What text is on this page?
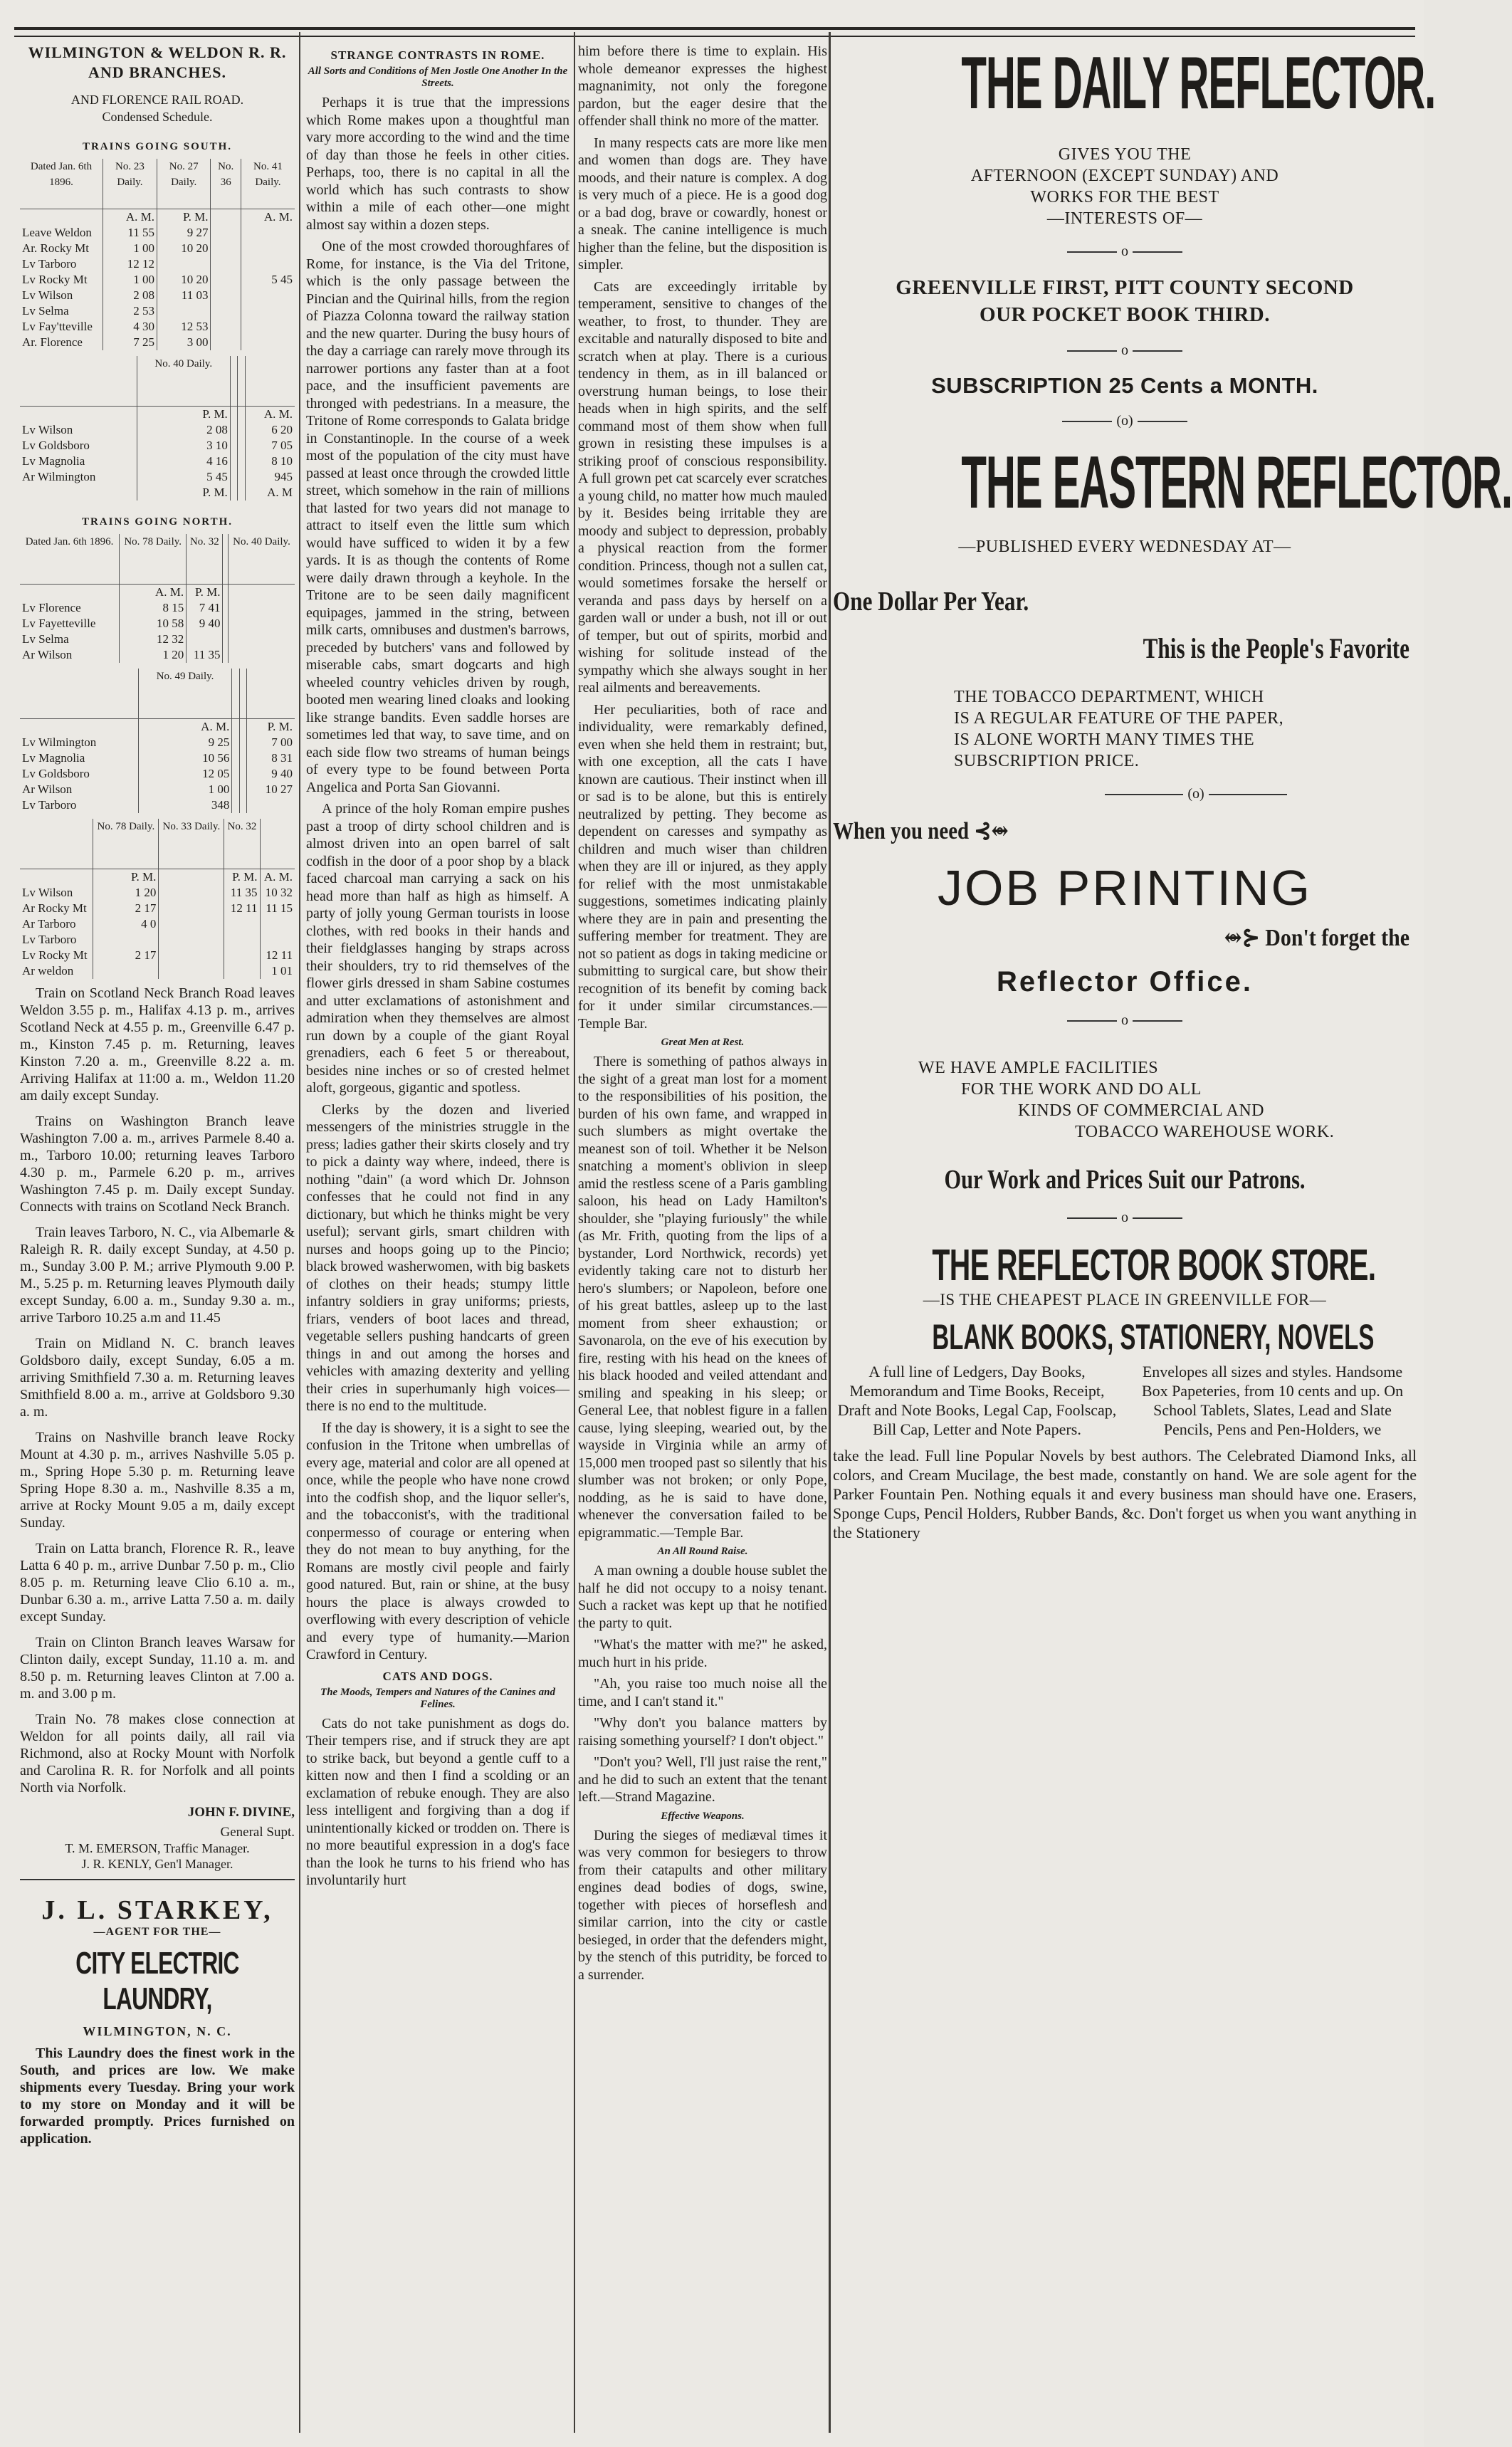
WILMINGTON & WELDON R. R.
AND BRANCHES.
AND FLORENCE RAIL ROAD.
Condensed Schedule.
TRAINS GOING SOUTH.
Dated Jan. 6th 1896.	No. 23 Daily.	No. 27 Daily.	No. 36	No. 41 Daily.
	A. M.	P. M.		A. M.
Leave Weldon	11 55	9 27		
Ar. Rocky Mt	1 00	10 20		

Lv Tarboro	12 12			

Lv Rocky Mt	1 00	10 20		5 45
Lv Wilson	2 08	11 03		
Lv Selma	2 53			
Lv Fay'tteville	4 30	12 53		
Ar. Florence	7 25	3 00		
	No. 40 Daily.			
	P. M.			A. M.
Lv Wilson	2 08			6 20
Lv Goldsboro	3 10			7 05
Lv Magnolia	4 16			8 10
Ar Wilmington	5 45			945
	P. M.			A. M
TRAINS GOING NORTH.
Dated Jan. 6th 1896.	No. 78 Daily.	No. 32		No. 40 Daily.
	A. M.	P. M.		
Lv Florence	8 15	7 41		
Lv Fayetteville	10 58	9 40		
Lv Selma	12 32			
Ar Wilson	1 20	11 35		
	No. 49 Daily.			
	A. M.			P. M.
Lv Wilmington	9 25			7 00
Lv Magnolia	10 56			8 31
Lv Goldsboro	12 05			9 40
Ar Wilson	1 00			10 27
Lv Tarboro	348			
	No. 78 Daily.	No. 33 Daily.	No. 32	
	P. M.		P. M.	A. M.
Lv Wilson	1 20		11 35	10 32
Ar Rocky Mt	2 17		12 11	11 15

Ar Tarboro	4 0			
Lv Tarboro				
Lv Rocky Mt	2 17			12 11
Ar weldon				1 01
Train on Scotland Neck Branch Road leaves Weldon 3.55 p. m., Halifax 4.13 p. m., arrives Scotland Neck at 4.55 p. m., Greenville 6.47 p. m., Kinston 7.45 p. m. Returning, leaves Kinston 7.20 a. m., Greenville 8.22 a. m. Arriving Halifax at 11:00 a. m., Weldon 11.20 am daily except Sunday.
Trains on Washington Branch leave Washington 7.00 a. m., arrives Parmele 8.40 a. m., Tarboro 10.00; returning leaves Tarboro 4.30 p. m., Parmele 6.20 p. m., arrives Washington 7.45 p. m. Daily except Sunday. Connects with trains on Scotland Neck Branch.
Train leaves Tarboro, N. C., via Albemarle & Raleigh R. R. daily except Sunday, at 4.50 p. m., Sunday 3.00 P. M.; arrive Plymouth 9.00 P. M., 5.25 p. m. Returning leaves Plymouth daily except Sunday, 6.00 a. m., Sunday 9.30 a. m., arrive Tarboro 10.25 a.m and 11.45
Train on Midland N. C. branch leaves Goldsboro daily, except Sunday, 6.05 a m. arriving Smithfield 7.30 a. m. Returning leaves Smithfield 8.00 a. m., arrive at Goldsboro 9.30 a. m.
Trains on Nashville branch leave Rocky Mount at 4.30 p. m., arrives Nashville 5.05 p. m., Spring Hope 5.30 p. m. Returning leave Spring Hope 8.30 a. m., Nashville 8.35 a m, arrive at Rocky Mount 9.05 a m, daily except Sunday.
Train on Latta branch, Florence R. R., leave Latta 6 40 p. m., arrive Dunbar 7.50 p. m., Clio 8.05 p. m. Returning leave Clio 6.10 a. m., Dunbar 6.30 a. m., arrive Latta 7.50 a. m. daily except Sunday.
Train on Clinton Branch leaves Warsaw for Clinton daily, except Sunday, 11.10 a. m. and 8.50 p. m. Returning leaves Clinton at 7.00 a. m. and 3.00 p m.
Train No. 78 makes close connection at Weldon for all points daily, all rail via Richmond, also at Rocky Mount with Norfolk and Carolina R. R. for Norfolk and all points North via Norfolk.
JOHN F. DIVINE,
General Supt.
T. M. EMERSON, Traffic Manager.
J. R. KENLY, Gen'l Manager.
J. L. STARKEY,
—AGENT FOR THE—
CITY ELECTRIC LAUNDRY,
WILMINGTON, N. C.
This Laundry does the finest work in the South, and prices are low. We make shipments every Tuesday. Bring your work to my store on Monday and it will be forwarded promptly. Prices furnished on application.
STRANGE CONTRASTS IN ROME.
All Sorts and Conditions of Men Jostle One Another In the Streets.

Perhaps it is true that the impressions which Rome makes upon a thoughtful man vary more according to the wind and the time of day than those he feels in other cities. Perhaps, too, there is no capital in all the world which has such contrasts to show within a mile of each other—one might almost say within a dozen steps.

One of the most crowded thoroughfares of Rome, for instance, is the Via del Tritone, which is the only passage between the Pincian and the Quirinal hills, from the region of Piazza Colonna toward the railway station and the new quarter. During the busy hours of the day a carriage can rarely move through its narrower portions any faster than at a foot pace, and the insufficient pavements are thronged with pedestrians. In a measure, the Tritone of Rome corresponds to Galata bridge in Constantinople. In the course of a week most of the population of the city must have passed at least once through the crowded little street, which somehow in the rain of millions that lasted for two years did not manage to attract to itself even the little sum which would have sufficed to widen it by a few yards. It is as though the contents of Rome were daily drawn through a keyhole. In the Tritone are to be seen daily magnificent equipages, jammed in the string, between milk carts, omnibuses and dustmen's barrows, preceded by butchers' vans and followed by miserable cabs, smart dogcarts and high wheeled country vehicles driven by rough, booted men wearing lined cloaks and looking like strange bandits. Even saddle horses are sometimes led that way, to save time, and on each side flow two streams of human beings of every type to be found between Porta Angelica and Porta San Giovanni.

A prince of the holy Roman empire pushes past a troop of dirty school children and is almost driven into an open barrel of salt codfish in the door of a poor shop by a black faced charcoal man carrying a sack on his head more than half as high as himself. A party of jolly young German tourists in loose clothes, with red books in their hands and their fieldglasses hanging by straps across their shoulders, try to rid themselves of the flower girls dressed in sham Sabine costumes and utter exclamations of astonishment and admiration when they themselves are almost run down by a couple of the giant Royal grenadiers, each 6 feet 5 or thereabout, besides nine inches or so of crested helmet aloft, gorgeous, gigantic and spotless.

Clerks by the dozen and liveried messengers of the ministries struggle in the press; ladies gather their skirts closely and try to pick a dainty way where, indeed, there is nothing "dain" (a word which Dr. Johnson confesses that he could not find in any dictionary, but which he thinks might be very useful); servant girls, smart children with nurses and hoops going up to the Pincio; black browed washerwomen, with big baskets of clothes on their heads; stumpy little infantry soldiers in gray uniforms; priests, friars, venders of boot laces and thread, vegetable sellers pushing handcarts of green things in and out among the horses and vehicles with amazing dexterity and yelling their cries in superhumanly high voices—there is no end to the multitude.

If the day is showery, it is a sight to see the confusion in the Tritone when umbrellas of every age, material and color are all opened at once, while the people who have none crowd into the codfish shop, and the liquor seller's, and the tobacconist's, with the traditional conpermesso of courage or entering when they do not mean to buy anything, for the Romans are mostly civil people and fairly good natured. But, rain or shine, at the busy hours the place is always crowded to overflowing with every description of vehicle and every type of humanity.—Marion Crawford in Century.

CATS AND DOGS.
The Moods, Tempers and Natures of the Canines and Felines.

Cats do not take punishment as dogs do. Their tempers rise, and if struck they are apt to strike back, but beyond a gentle cuff to a kitten now and then I find a scolding or an exclamation of rebuke enough. They are also less intelligent and forgiving than a dog if unintentionally kicked or trodden on. There is no more beautiful expression in a dog's face than the look he turns to his friend who has involuntarily hurt

him before there is time to explain. His whole demeanor expresses the highest magnanimity, not only the foregone pardon, but the eager desire that the offender shall think no more of the matter.

In many respects cats are more like men and women than dogs are. They have moods, and their nature is complex. A dog is very much of a piece. He is a good dog or a bad dog, brave or cowardly, honest or a sneak. The canine intelligence is much higher than the feline, but the disposition is simpler.

Cats are exceedingly irritable by temperament, sensitive to changes of the weather, to frost, to thunder. They are excitable and naturally disposed to bite and scratch when at play. There is a curious tendency in them, as in ill balanced or overstrung human beings, to lose their heads when in high spirits, and the self command most of them show when full grown in resisting these impulses is a striking proof of conscious responsibility. A full grown pet cat scarcely ever scratches a young child, no matter how much mauled by it. Besides being irritable they are moody and subject to depression, probably a physical reaction from the former condition. Princess, though not a sullen cat, would sometimes forsake the herself or veranda and pass days by herself on a garden wall or under a bush, not ill or out of temper, but out of spirits, morbid and wishing for solitude instead of the sympathy which she always sought in her real ailments and bereavements.

Her peculiarities, both of race and individuality, were remarkably defined, even when she held them in restraint; but, with one exception, all the cats I have known are cautious. Their instinct when ill or sad is to be alone, but this is entirely neutralized by petting. They become as dependent on caresses and sympathy as children and much wiser than children when they are ill or injured, as they apply for relief with the most unmistakable suggestions, sometimes indicating plainly where they are in pain and presenting the suffering member for treatment. They are not so patient as dogs in taking medicine or submitting to surgical care, but show their recognition of its benefit by coming back for it under similar circumstances.—Temple Bar.

Great Men at Rest.

There is something of pathos always in the sight of a great man lost for a moment to the responsibilities of his position, the burden of his own fame, and wrapped in such slumbers as might overtake the meanest son of toil. Whether it be Nelson snatching a moment's oblivion in sleep amid the restless scene of a Paris gambling saloon, his head on Lady Hamilton's shoulder, she "playing furiously" the while (as Mr. Frith, quoting from the lips of a bystander, Lord Northwick, records) yet evidently taking care not to disturb her hero's slumbers; or Napoleon, before one of his great battles, asleep up to the last moment from sheer exhaustion; or Savonarola, on the eve of his execution by fire, resting with his head on the knees of his black hooded and veiled attendant and smiling and speaking in his sleep; or General Lee, that noblest figure in a fallen cause, lying sleeping, wearied out, by the wayside in Virginia while an army of 15,000 men trooped past so silently that his slumber was not broken; or only Pope, nodding, as he is said to have done, whenever the conversation failed to be epigrammatic.—Temple Bar.

An All Round Raise.

A man owning a double house sublet the half he did not occupy to a noisy tenant. Such a racket was kept up that he notified the party to quit.

"What's the matter with me?" he asked, much hurt in his pride.

"Ah, you raise too much noise all the time, and I can't stand it."

"Why don't you balance matters by raising something yourself? I don't object."

"Don't you? Well, I'll just raise the rent," and he did to such an extent that the tenant left.—Strand Magazine.

Effective Weapons.

During the sieges of mediæval times it was very common for besiegers to throw from their catapults and other military engines dead bodies of dogs, swine, together with pieces of horseflesh and similar carrion, into the city or castle besieged, in order that the defenders might, by the stench of this putridity, be forced to a surrender.

THE DAILY REFLECTOR.
GIVES YOU THE
AFTERNOON (EXCEPT SUNDAY) AND
WORKS FOR THE BEST
—INTERESTS OF—
o
GREENVILLE FIRST, PITT COUNTY SECOND
OUR POCKET BOOK THIRD.
o
SUBSCRIPTION 25 Cents a MONTH.
(o)
THE EASTERN REFLECTOR.
—PUBLISHED EVERY WEDNESDAY AT—
One Dollar Per Year.
This is the People's Favorite
THE TOBACCO DEPARTMENT, WHICH
IS A REGULAR FEATURE OF THE PAPER,
IS ALONE WORTH MANY TIMES THE
SUBSCRIPTION PRICE.
(o)
When you need ⊰⥈
JOB PRINTING
⥈⊱ Don't forget the
Reflector Office.
o
WE HAVE AMPLE FACILITIES
FOR THE WORK AND DO ALL
KINDS OF COMMERCIAL AND
TOBACCO WAREHOUSE WORK.
Our Work and Prices Suit our Patrons.
o
THE REFLECTOR BOOK STORE.
—IS THE CHEAPEST PLACE IN GREENVILLE FOR—
BLANK BOOKS, STATIONERY, NOVELS
A full line of Ledgers, Day Books, Memorandum and Time Books, Receipt, Draft and Note Books, Legal Cap, Foolscap, Bill Cap, Letter and Note Papers.
Envelopes all sizes and styles. Handsome Box Papeteries, from 10 cents and up. On School Tablets, Slates, Lead and Slate Pencils, Pens and Pen-Holders, we
take the lead. Full line Popular Novels by best authors. The Celebrated Diamond Inks, all colors, and Cream Mucilage, the best made, constantly on hand. We are sole agent for the Parker Fountain Pen. Nothing equals it and every business man should have one. Erasers, Sponge Cups, Pencil Holders, Rubber Bands, &c. Don't forget us when you want anything in the Stationery
